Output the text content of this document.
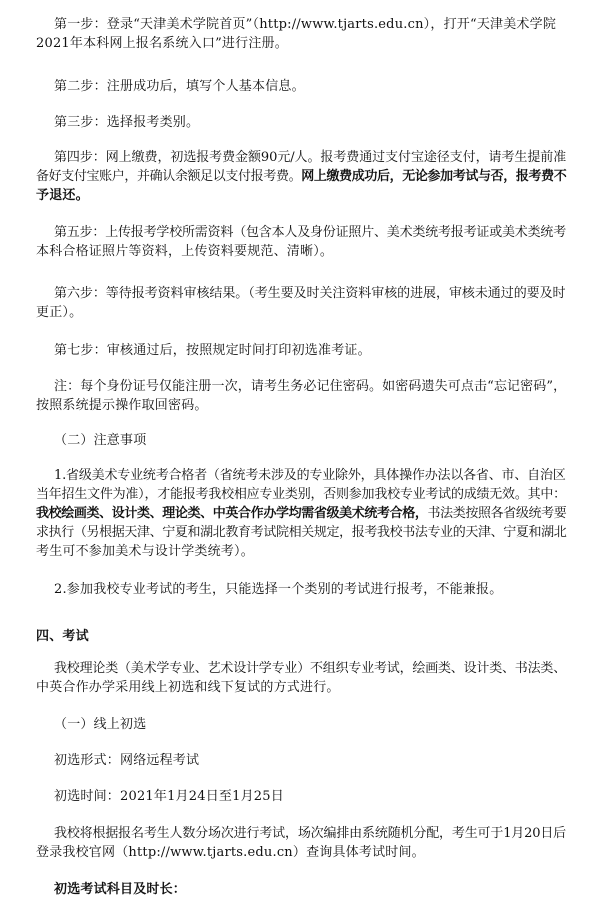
第一步：登录“天津美术学院首页”（http://www.tjarts.edu.cn），打开“天津美术学院
2021年本科网上报名系统入口”进行注册。
第二步：注册成功后，填写个人基本信息。
第三步：选择报考类别。
第四步：网上缴费，初选报考费金额90元/人。报考费通过支付宝途径支付，请考生提前准
备好支付宝账户，并确认余额足以支付报考费。网上缴费成功后，无论参加考试与否，报考费不
予退还。
第五步：上传报考学校所需资料（包含本人及身份证照片、美术类统考报考证或美术类统考
本科合格证照片等资料，上传资料要规范、清晰）。
第六步：等待报考资料审核结果。（考生要及时关注资料审核的进展，审核未通过的要及时
更正）。
第七步：审核通过后，按照规定时间打印初选准考证。
注：每个身份证号仅能注册一次，请考生务必记住密码。如密码遗失可点击“忘记密码”，
按照系统提示操作取回密码。
（二）注意事项
1.省级美术专业统考合格者（省统考未涉及的专业除外，具体操作办法以各省、市、自治区
当年招生文件为准），才能报考我校相应专业类别，否则参加我校专业考试的成绩无效。其中：
我校绘画类、设计类、理论类、中英合作办学均需省级美术统考合格，书法类按照各省级统考要
求执行（另根据天津、宁夏和湖北教育考试院相关规定，报考我校书法专业的天津、宁夏和湖北
考生可不参加美术与设计学类统考）。
2.参加我校专业考试的考生，只能选择一个类别的考试进行报考，不能兼报。
四、考试
我校理论类（美术学专业、艺术设计学专业）不组织专业考试，绘画类、设计类、书法类、
中英合作办学采用线上初选和线下复试的方式进行。
（一）线上初选
初选形式：网络远程考试
初选时间：2021年1月24日至1月25日
我校将根据报名考生人数分场次进行考试，场次编排由系统随机分配，考生可于1月20日后
登录我校官网（http://www.tjarts.edu.cn）查询具体考试时间。
初选考试科目及时长：
